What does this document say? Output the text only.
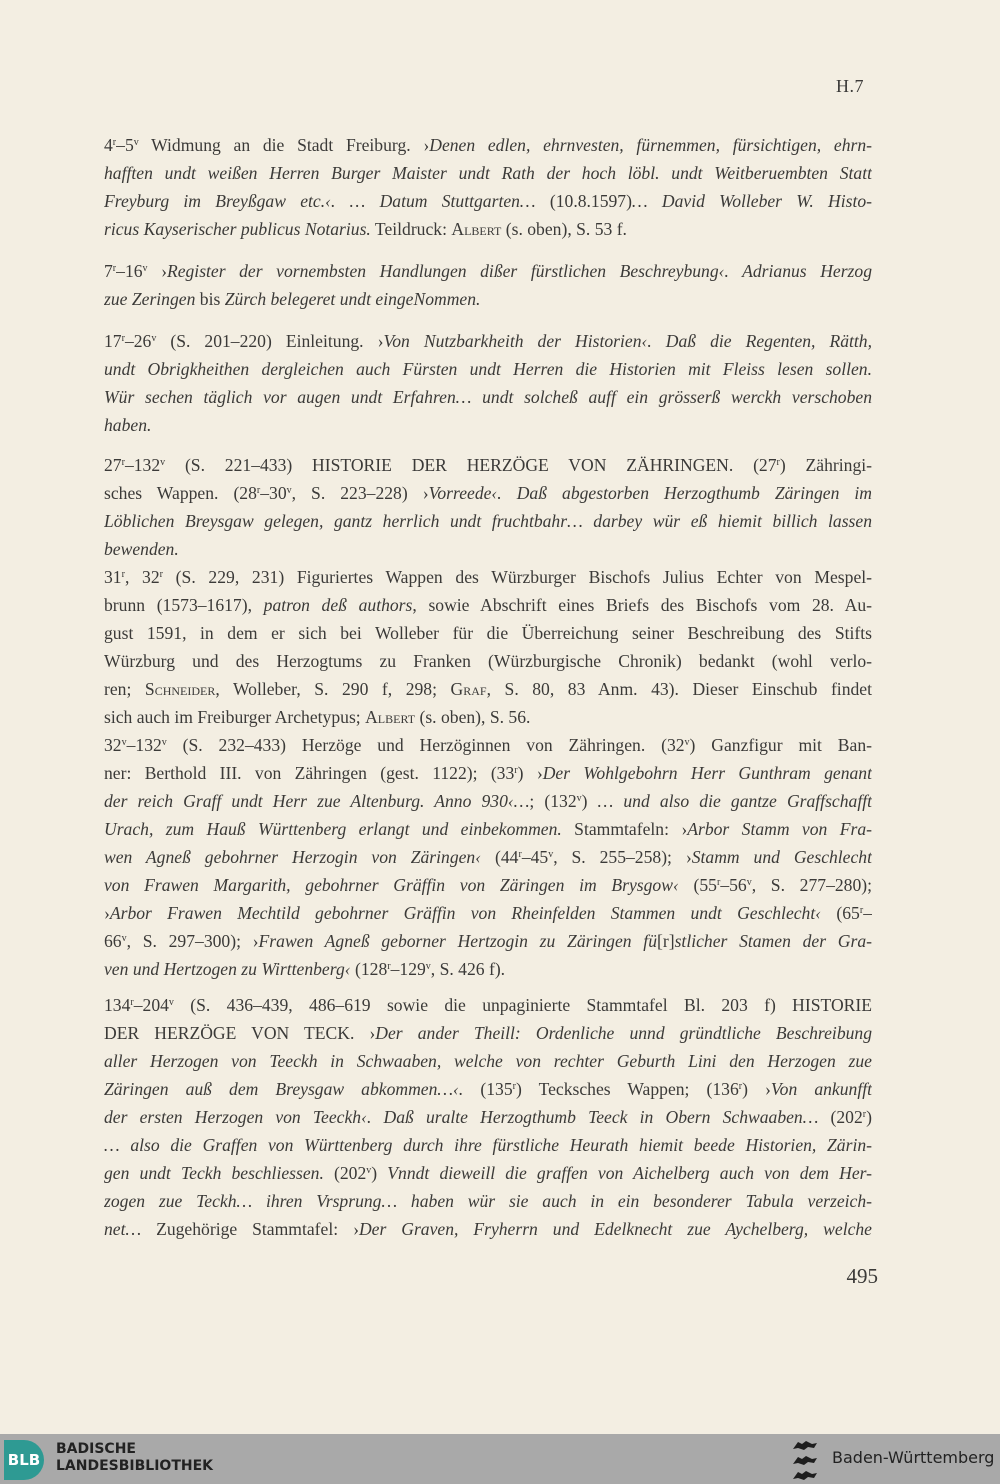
H.7
4$^r$–5$^v$ Widmung an die Stadt Freiburg. ›Denen edlen, ehrnvesten, fürnemmen, fürsichtigen, ehrn-
hafften undt weißen Herren Burger Maister undt Rath der hoch löbl. undt Weitberuembten Statt
Freyburg im Breyßgaw etc.‹. … Datum Stuttgarten… (10.8.1597)… David Wolleber W. Histo-
ricus Kayserischer publicus Notarius. Teildruck: Albert (s. oben), S. 53 f.
7$^r$–16$^v$ ›Register der vornembsten Handlungen dißer fürstlichen Beschreybung‹. Adrianus Herzog
zue Zeringen bis Zürch belegeret undt eingeNommen.
17$^r$–26$^v$ (S. 201–220) Einleitung. ›Von Nutzbarkheith der Historien‹. Daß die Regenten, Rätth,
undt Obrigkheithen dergleichen auch Fürsten undt Herren die Historien mit Fleiss lesen sollen.
Wür sechen täglich vor augen undt Erfahren… undt solcheß auff ein grösserß werckh verschoben
haben.
27$^r$–132$^v$ (S. 221–433) HISTORIE DER HERZÖGE VON ZÄHRINGEN. (27$^r$) Zähringi-
sches Wappen. (28$^r$–30$^v$, S. 223–228) ›Vorreede‹. Daß abgestorben Herzogthumb Zäringen im
Löblichen Breysgaw gelegen, gantz herrlich undt fruchtbahr… darbey wür eß hiemit billich lassen
bewenden.
31$^r$, 32$^r$ (S. 229, 231) Figuriertes Wappen des Würzburger Bischofs Julius Echter von Mespel-
brunn (1573–1617), patron deß authors, sowie Abschrift eines Briefs des Bischofs vom 28. Au-
gust 1591, in dem er sich bei Wolleber für die Überreichung seiner Beschreibung des Stifts
Würzburg und des Herzogtums zu Franken (Würzburgische Chronik) bedankt (wohl verlo-
ren; Schneider, Wolleber, S. 290 f, 298; Graf, S. 80, 83 Anm. 43). Dieser Einschub findet
sich auch im Freiburger Archetypus; Albert (s. oben), S. 56.
32$^v$–132$^v$ (S. 232–433) Herzöge und Herzöginnen von Zähringen. (32$^v$) Ganzfigur mit Ban-
ner: Berthold III. von Zähringen (gest. 1122); (33$^r$) ›Der Wohlgebohrn Herr Gunthram genant
der reich Graff undt Herr zue Altenburg. Anno 930‹…; (132$^v$) … und also die gantze Graffschafft
Urach, zum Hauß Württenberg erlangt und einbekommen. Stammtafeln: ›Arbor Stamm von Fra-
wen Agneß gebohrner Herzogin von Zäringen‹ (44$^r$–45$^v$, S. 255–258); ›Stamm und Geschlecht
von Frawen Margarith, gebohrner Gräffin von Zäringen im Brysgow‹ (55$^r$–56$^v$, S. 277–280);
›Arbor Frawen Mechtild gebohrner Gräffin von Rheinfelden Stammen undt Geschlecht‹ (65$^r$–
66$^v$, S. 297–300); ›Frawen Agneß geborner Hertzogin zu Zäringen fü[r]stlicher Stamen der Gra-
ven und Hertzogen zu Wirttenberg‹ (128$^r$–129$^v$, S. 426 f).
134$^r$–204$^v$ (S. 436–439, 486–619 sowie die unpaginierte Stammtafel Bl. 203 f) HISTORIE
DER HERZÖGE VON TECK. ›Der ander Theill: Ordenliche unnd gründtliche Beschreibung
aller Herzogen von Teeckh in Schwaaben, welche von rechter Geburth Lini den Herzogen zue
Zäringen auß dem Breysgaw abkommen…‹. (135$^r$) Tecksches Wappen; (136$^r$) ›Von ankunfft
der ersten Herzogen von Teeckh‹. Daß uralte Herzogthumb Teeck in Obern Schwaaben… (202$^r$)
… also die Graffen von Württenberg durch ihre fürstliche Heurath hiemit beede Historien, Zärin-
gen undt Teckh beschliessen. (202$^v$) Vnndt dieweill die graffen von Aichelberg auch von dem Her-
zogen zue Teckh… ihren Vrsprung… haben wür sie auch in ein besonderer Tabula verzeich-
net… Zugehörige Stammtafel: ›Der Graven, Fryherrn und Edelknecht zue Aychelberg, welche
495
BLB
BADISCHE
LANDESBIBLIOTHEK	Baden-Württemberg
